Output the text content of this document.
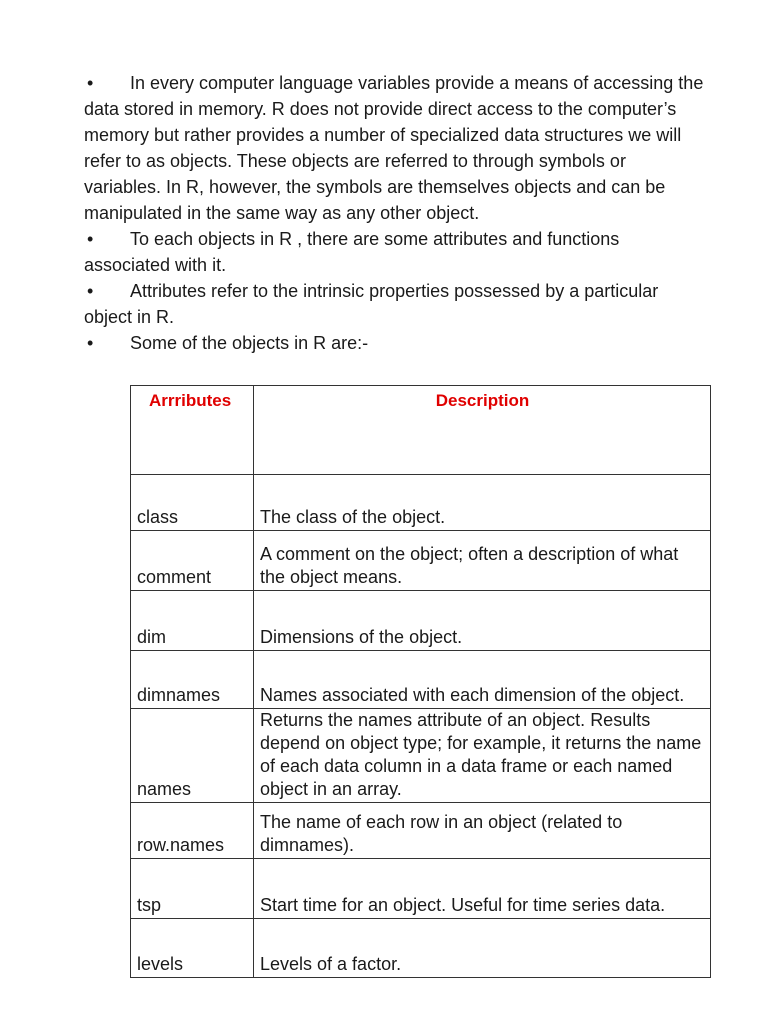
• In every computer language variables provide a means of accessing the data stored in memory. R does not provide direct access to the computer’s memory but rather provides a number of specialized data structures we will refer to as objects. These objects are referred to through symbols or variables. In R, however, the symbols are themselves objects and can be manipulated in the same way as any other object.

• To each objects in R , there are some attributes and functions associated with it.

• Attributes refer to the intrinsic properties possessed by a particular object in R.

• Some of the objects in R are:-

Arrributes	Description
class	The class of the object.
comment	A comment on the object; often a description of what the object means.
dim	Dimensions of the object.
dimnames	Names associated with each dimension of the object.
names	Returns the names attribute of an object. Results depend on object type; for example, it returns the name of each data column in a data frame or each named object in an array.
row.names	The name of each row in an object (related to dimnames).
tsp	Start time for an object. Useful for time series data.
levels	Levels of a factor.
